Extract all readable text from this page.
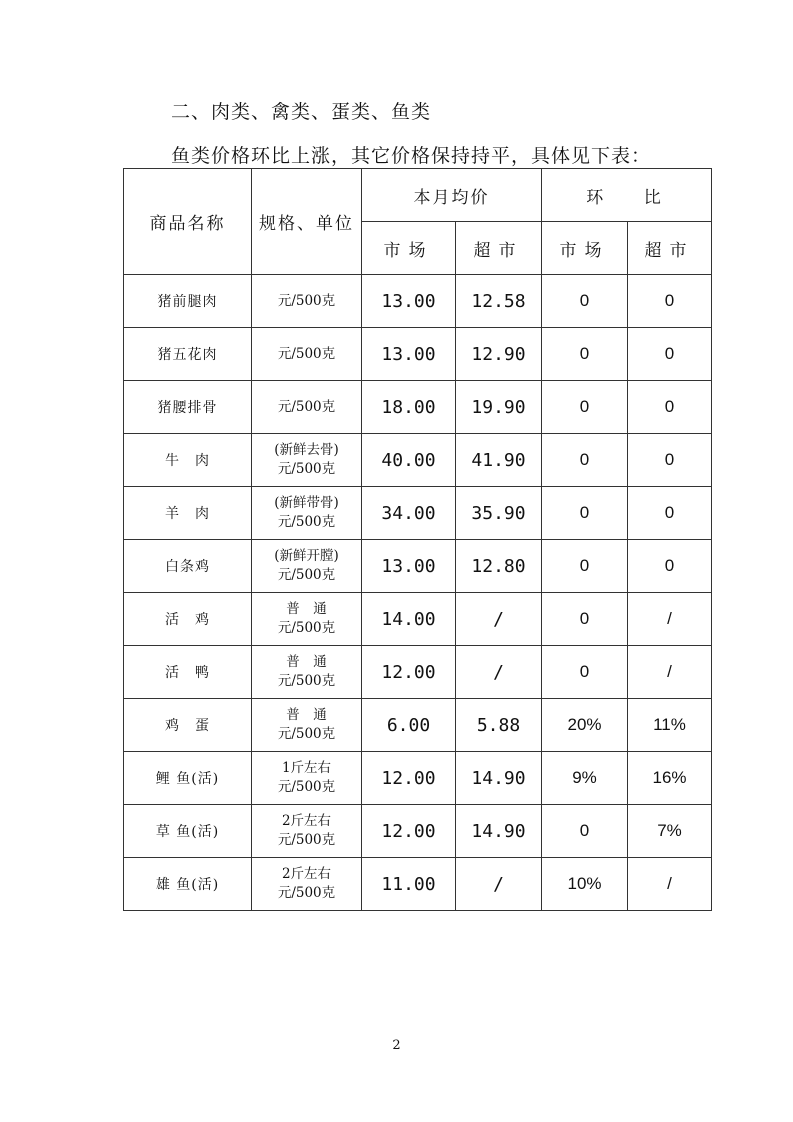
二、肉类、禽类、蛋类、鱼类
鱼类价格环比上涨，其它价格保持持平，具体见下表：
商品名称	规格、单位	本月均价		环　 比	
		市场	超市	市场	超市
猪前腿肉	元/500克	13.00	12.58	0	0
猪五花肉	元/500克	13.00	12.90	0	0
猪腰排骨	元/500克	18.00	19.90	0	0
牛　肉	(新鲜去骨)
元/500克	40.00	41.90	0	0
羊　肉	(新鲜带骨)
元/500克	34.00	35.90	0	0
白条鸡	(新鲜开膛)
元/500克	13.00	12.80	0	0
活　鸡	普　通
元/500克	14.00	/	0	/
活　鸭	普　通
元/500克	12.00	/	0	/
鸡　蛋	普　通
元/500克	6.00	5.88	20%	11%
鲤 鱼(活)	1斤左右
元/500克	12.00	14.90	9%	16%
草 鱼(活)	2斤左右
元/500克	12.00	14.90	0	7%
雄 鱼(活)	2斤左右
元/500克	11.00	/	10%	/
2
